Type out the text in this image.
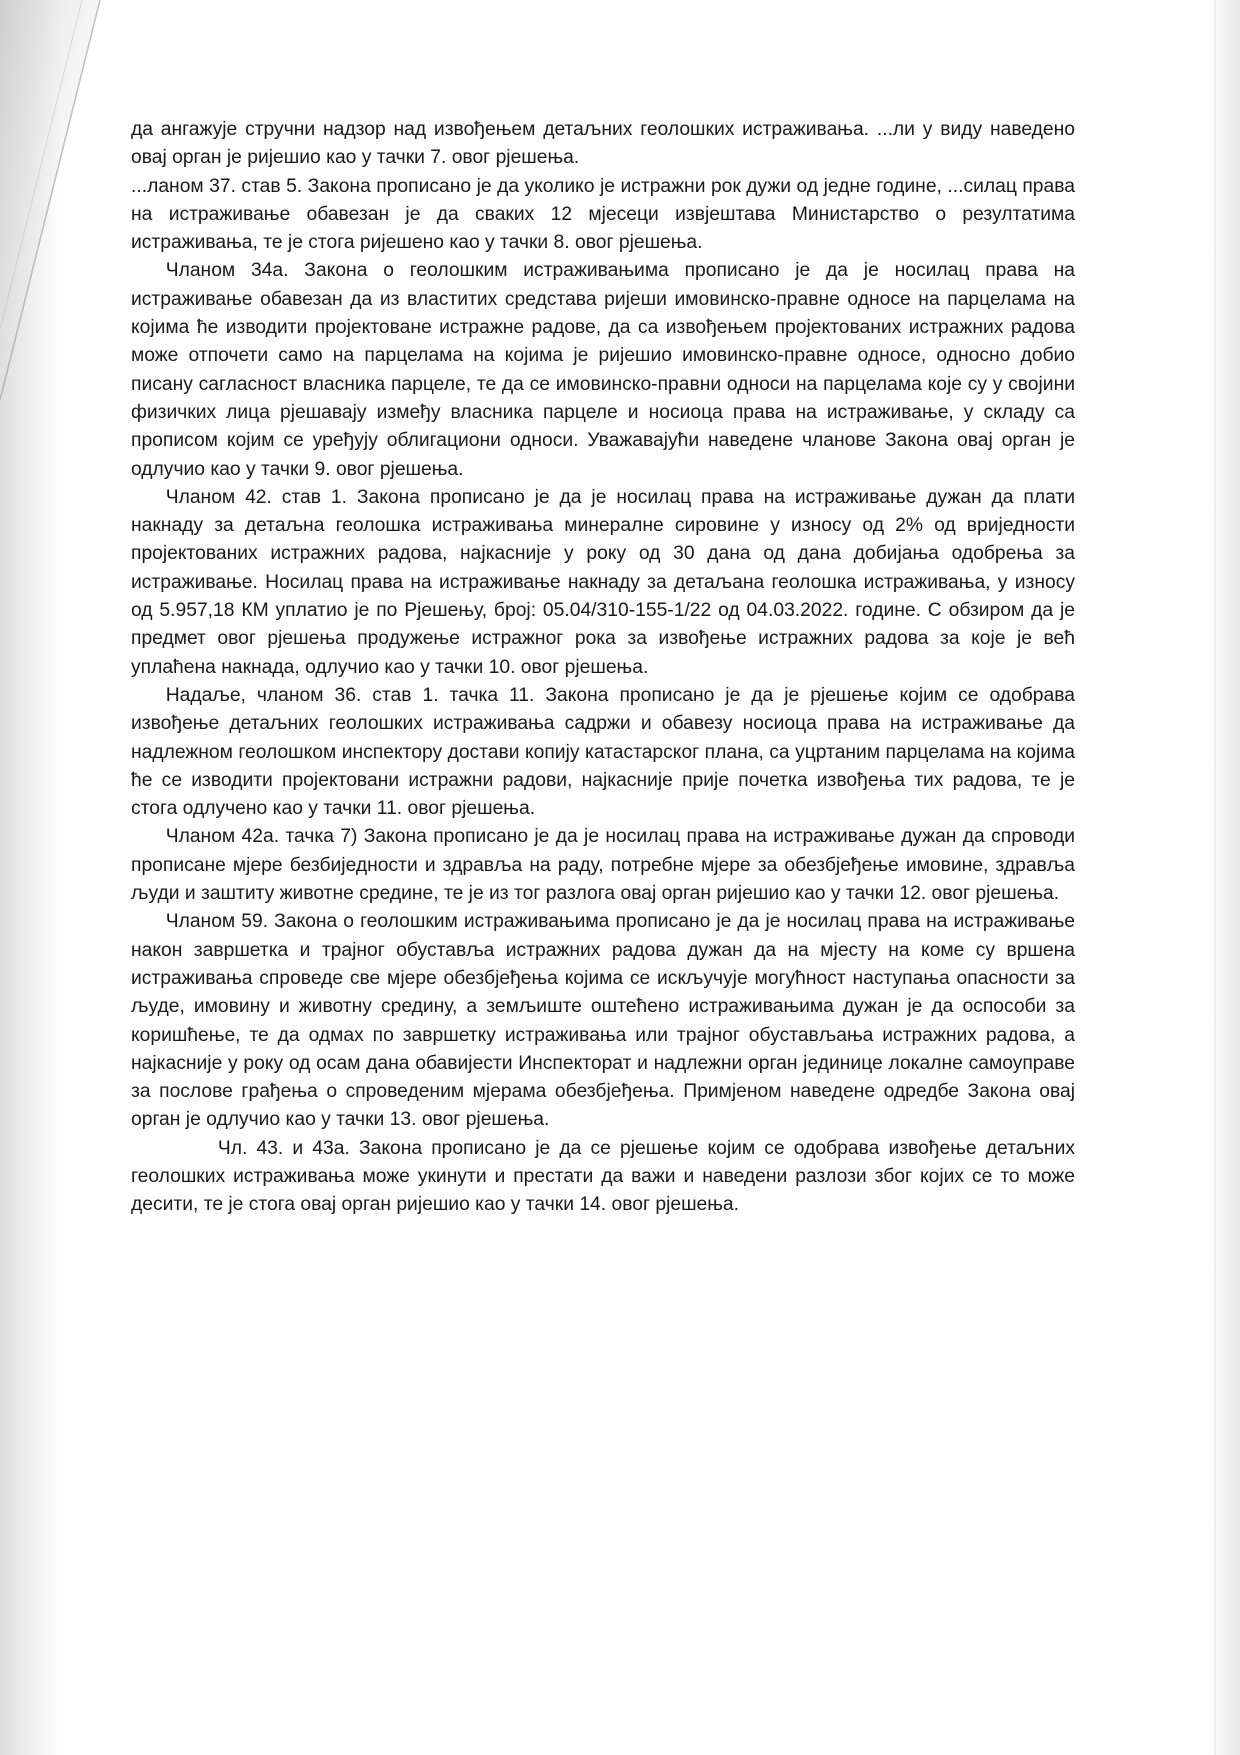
да ангажује стручни надзор над извођењем детаљних геолошких истраживања. ...ли у виду наведено овај орган је ријешио као у тачки 7. овог рјешења.

...ланом 37. став 5. Закона прописано је да уколико је истражни рок дужи од једне године, ...силац права на истраживање обавезан је да сваких 12 мјесеци извјештава Министарство о резултатима истраживања, те је стога ријешено као у тачки 8. овог рјешења.

Чланом 34а. Закона о геолошким истраживањима прописано је да је носилац права на истраживање обавезан да из властитих средстава ријеши имовинско-правне односе на парцелама на којима ће изводити пројектоване истражне радове, да са извођењем пројектованих истражних радова може отпочети само на парцелама на којима је ријешио имовинско-правне односе, односно добио писану сагласност власника парцеле, те да се имовинско-правни односи на парцелама које су у својини физичких лица рјешавају између власника парцеле и носиоца права на истраживање, у складу са прописом којим се уређују облигациони односи. Уважавајући наведене чланове Закона овај орган је одлучио као у тачки 9. овог рјешења.

Чланом 42. став 1. Закона прописано је да је носилац права на истраживање дужан да плати накнаду за детаљна геолошка истраживања минералне сировине у износу од 2% од вриједности пројектованих истражних радова, најкасније у року од 30 дана од дана добијања одобрења за истраживање. Носилац права на истраживање накнаду за детаљана геолошка истраживања, у износу од 5.957,18 КМ уплатио је по Рјешењу, број: 05.04/310-155-1/22 од 04.03.2022. године. С обзиром да је предмет овог рјешења продужење истражног рока за извођење истражних радова за које је већ уплаћена накнада, одлучио као у тачки 10. овог рјешења.

Надаље, чланом 36. став 1. тачка 11. Закона прописано је да је рјешење којим се одобрава извођење детаљних геолошких истраживања садржи и обавезу носиоца права на истраживање да надлежном геолошком инспектору достави копију катастарског плана, са уцртаним парцелама на којима ће се изводити пројектовани истражни радови, најкасније прије почетка извођења тих радова, те је стога одлучено као у тачки 11. овог рјешења.

Чланом 42а. тачка 7) Закона прописано је да је носилац права на истраживање дужан да спроводи прописане мјере безбиједности и здравља на раду, потребне мјере за обезбјеђење имовине, здравља људи и заштиту животне средине, те је из тог разлога овај орган ријешио као у тачки 12. овог рјешења.

Чланом 59. Закона о геолошким истраживањима прописано је да је носилац права на истраживање након завршетка и трајног обуставља истражних радова дужан да на мјесту на коме су вршена истраживања спроведе све мјере обезбјеђења којима се искључује могућност наступања опасности за људе, имовину и животну средину, а земљиште оштећено истраживањима дужан је да оспособи за коришћење, те да одмах по завршетку истраживања или трајног обустављања истражних радова, а најкасније у року од осам дана обавијести Инспекторат и надлежни орган јединице локалне самоуправе за послове грађења о спроведеним мјерама обезбјеђења. Примјеном наведене одредбе Закона овај орган је одлучио као у тачки 13. овог рјешења.

Чл. 43. и 43а. Закона прописано је да се рјешење којим се одобрава извођење детаљних геолошких истраживања може укинути и престати да важи и наведени разлози због којих се то може десити, те је стога овај орган ријешио као у тачки 14. овог рјешења.
